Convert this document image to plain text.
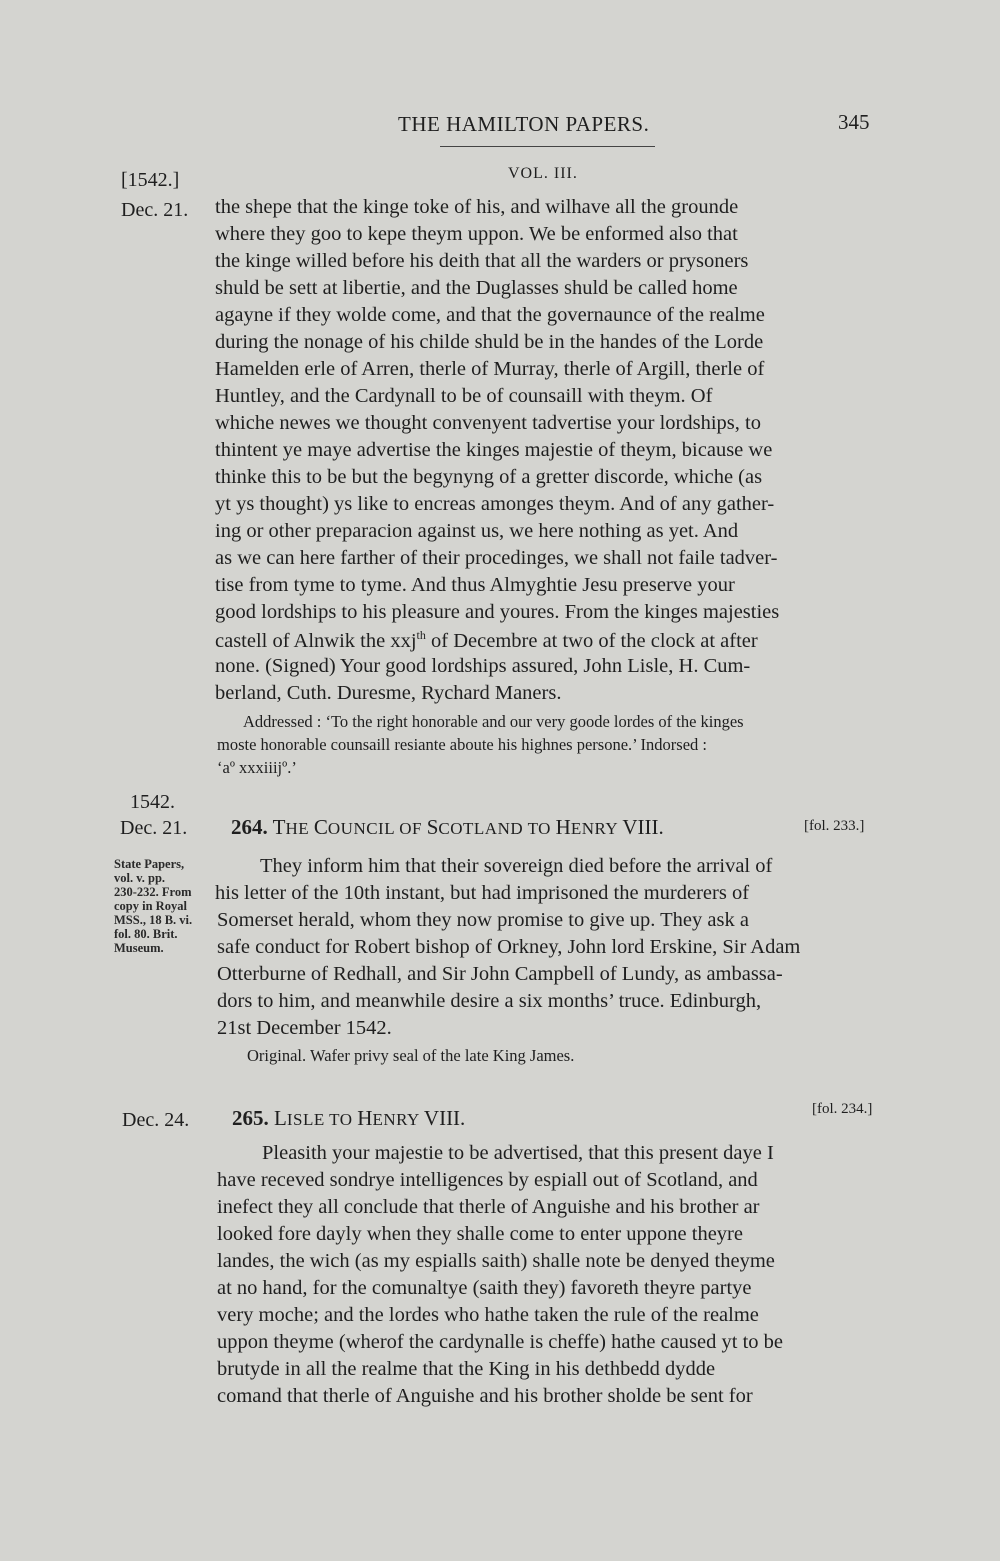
THE HAMILTON PAPERS.	345
[1542.]	VOL. III.
Dec. 21. the shepe that the kinge toke of his, and wilhave all the grounde
where they goo to kepe theym uppon. We be enformed also that
the kinge willed before his deith that all the warders or prysoners
shuld be sett at libertie, and the Duglasses shuld be called home
agayne if they wolde come, and that the governaunce of the realme
during the nonage of his childe shuld be in the handes of the Lorde
Hamelden erle of Arren, therle of Murray, therle of Argill, therle of
Huntley, and the Cardynall to be of counsaill with theym. Of
whiche newes we thought convenyent tadvertise your lordships, to
thintent ye maye advertise the kinges majestie of theym, bicause we
thinke this to be but the begynyng of a gretter discorde, whiche (as
yt ys thought) ys like to encreas amonges theym. And of any gather-
ing or other preparacion against us, we here nothing as yet. And
as we can here farther of their procedinges, we shall not faile tadver-
tise from tyme to tyme. And thus Almyghtie Jesu preserve your
good lordships to his pleasure and youres. From the kinges majesties
castell of Alnwik the xxj$^{th}$ of Decembre at two of the clock at after
none. (Signed) Your good lordships assured, John Lisle, H. Cum-
berland, Cuth. Duresme, Rychard Maners.
Addressed : ‘To the right honorable and our very goode lordes of the kinges
moste honorable counsaill resiante aboute his highnes persone.’ Indorsed :
‘aº xxxiiijº.’
1542.
Dec. 21. 264. THE COUNCIL OF SCOTLAND TO HENRY VIII.	[fol. 233.]
State Papers,
vol. v. pp.
230-232. From
copy in Royal
MSS., 18 B. vi.
fol. 80. Brit.
Museum.
They inform him that their sovereign died before the arrival of
his letter of the 10th instant, but had imprisoned the murderers of
Somerset herald, whom they now promise to give up. They ask a
safe conduct for Robert bishop of Orkney, John lord Erskine, Sir Adam
Otterburne of Redhall, and Sir John Campbell of Lundy, as ambassa-
dors to him, and meanwhile desire a six months’ truce. Edinburgh,
21st December 1542.
Original. Wafer privy seal of the late King James.
Dec. 24. 265. LISLE TO HENRY VIII.	[fol. 234.]
Pleasith your majestie to be advertised, that this present daye I
have receved sondrye intelligences by espiall out of Scotland, and
inefect they all conclude that therle of Anguishe and his brother ar
looked fore dayly when they shalle come to enter uppone theyre
landes, the wich (as my espialls saith) shalle note be denyed theyme
at no hand, for the comunaltye (saith they) favoreth theyre partye
very moche; and the lordes who hathe taken the rule of the realme
uppon theyme (wherof the cardynalle is cheffe) hathe caused yt to be
brutyde in all the realme that the King in his dethbedd dydde
comand that therle of Anguishe and his brother sholde be sent for
